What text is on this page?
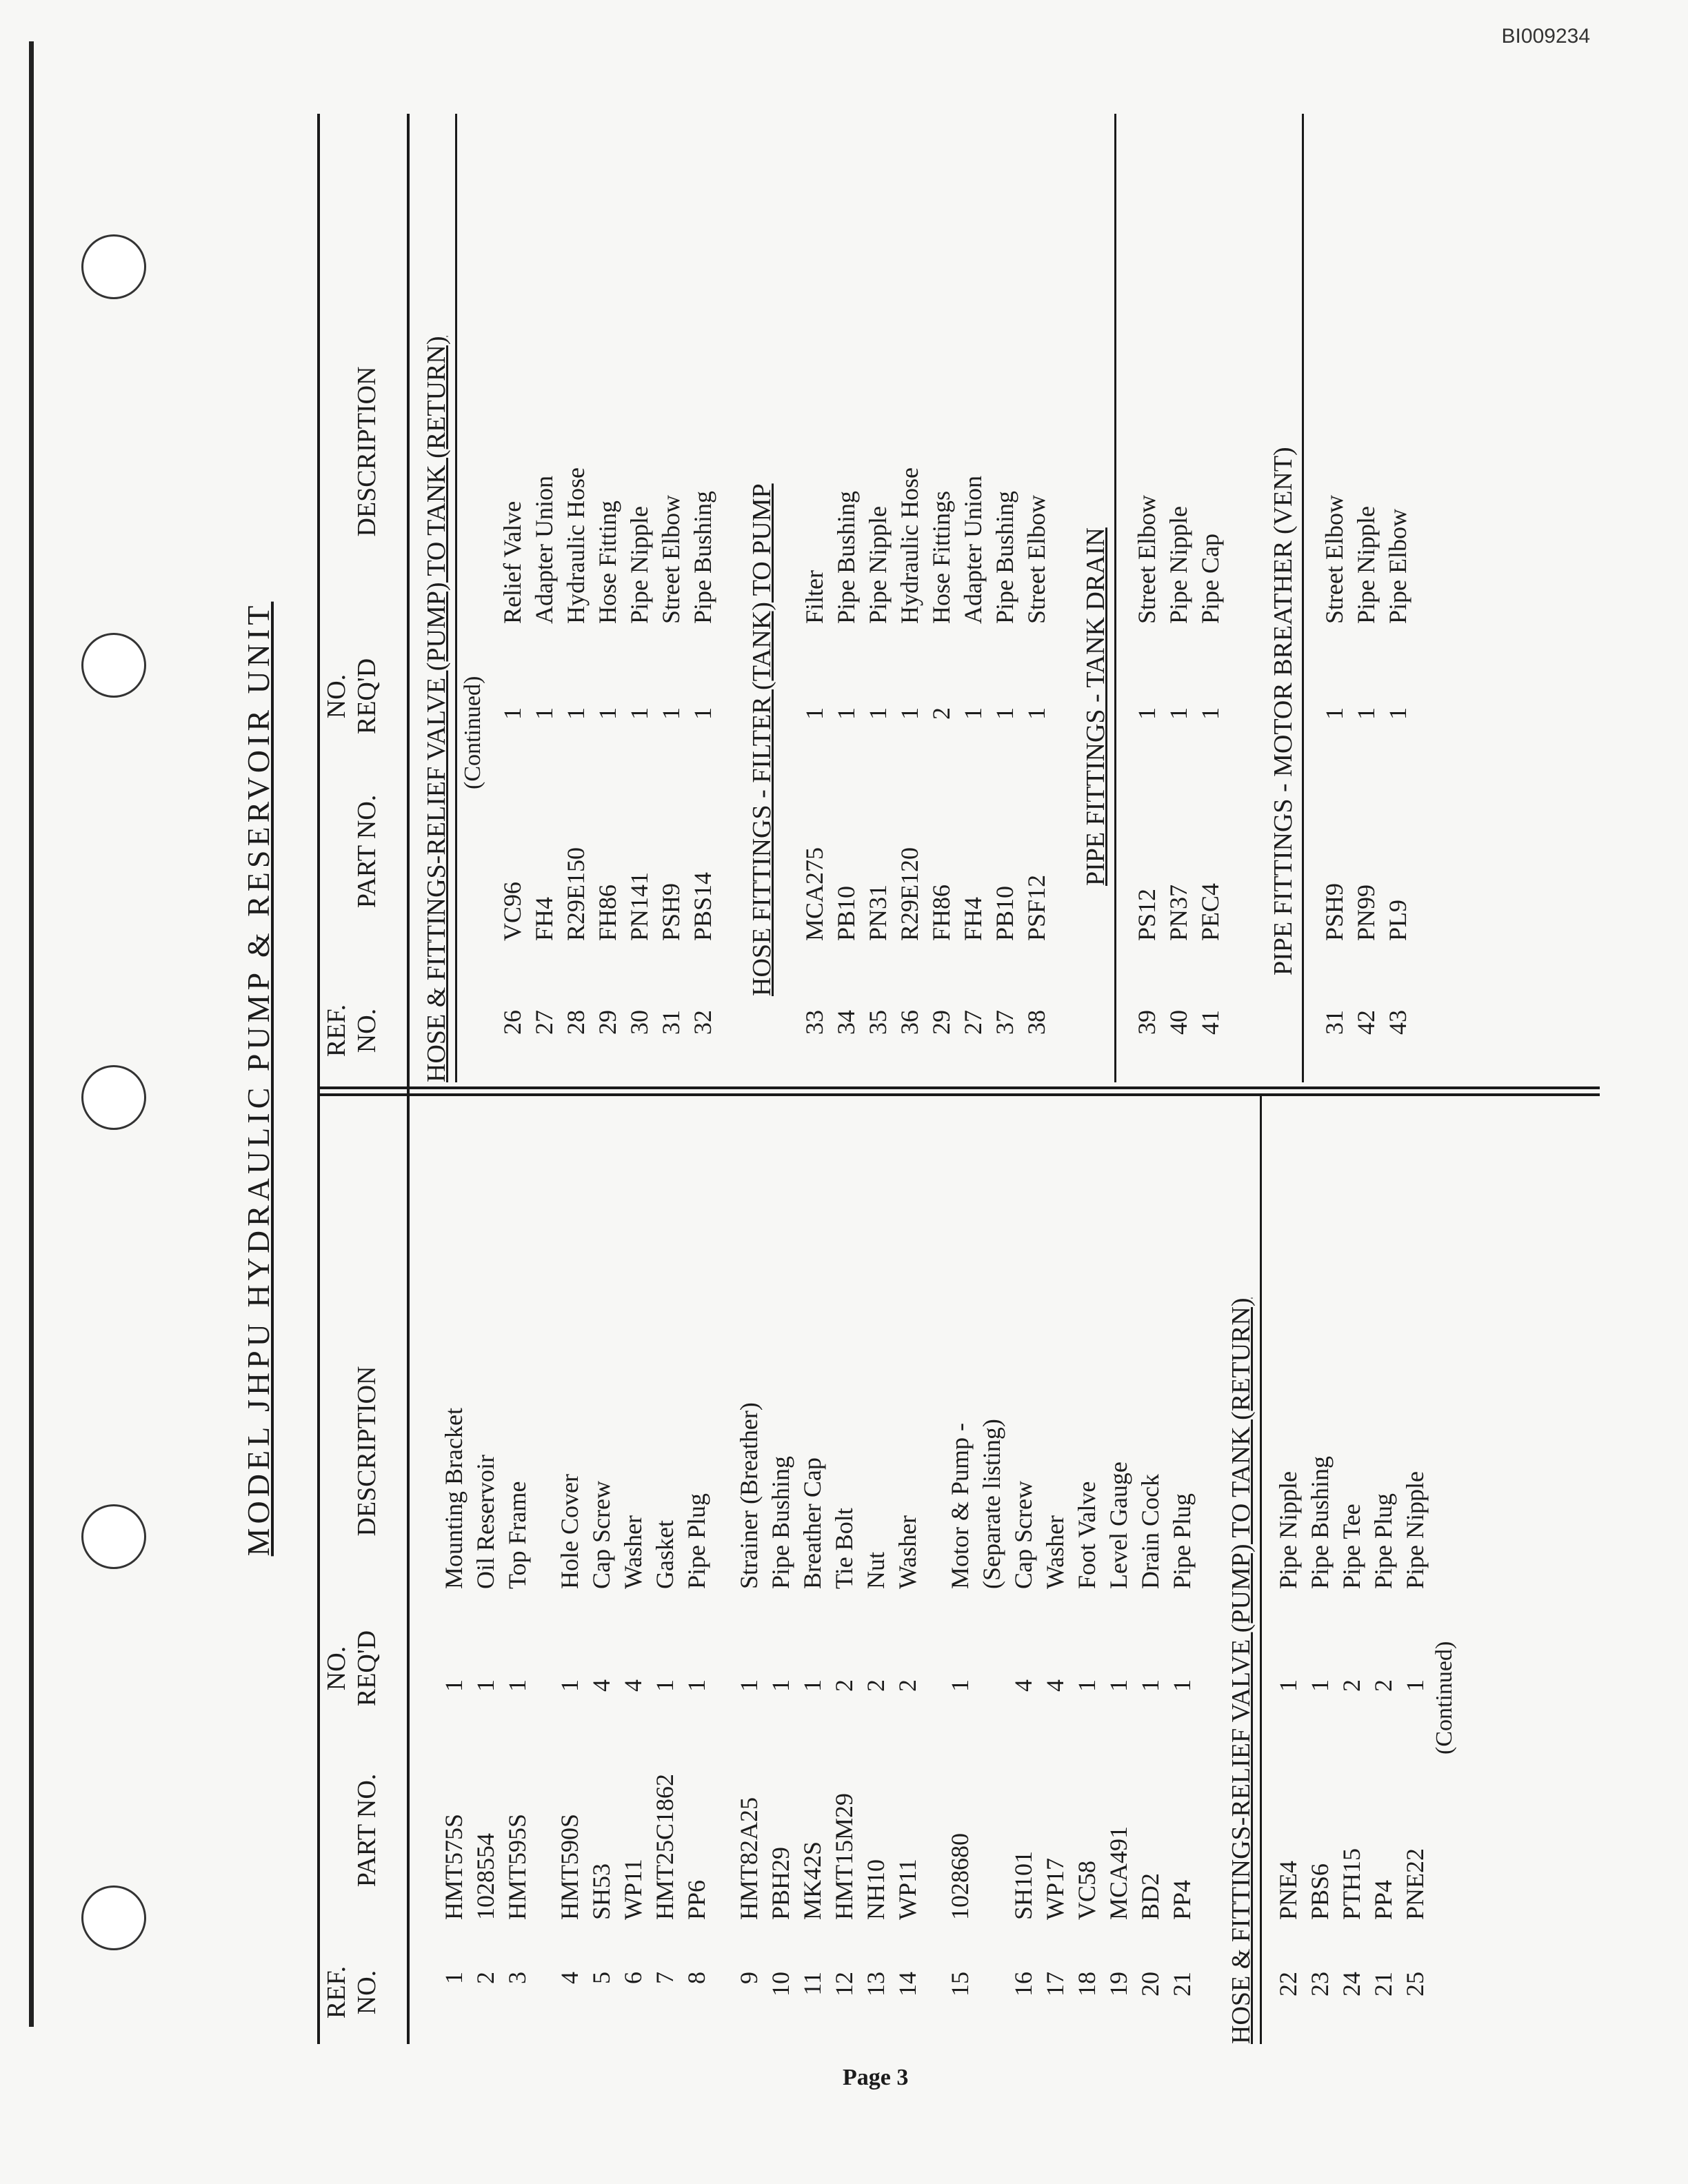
BI009234
MODEL JHPU HYDRAULIC PUMP & RESERVOIR UNIT
REF. NO.
PART NO.
NO. REQ'D
DESCRIPTION
REF. NO.
PART NO.
NO. REQ'D
DESCRIPTION
1
HMT575S
1
Mounting Bracket
2
1028554
1
Oil Reservoir
3
HMT595S
1
Top Frame
4
HMT590S
1
Hole Cover
5
SH53
4
Cap Screw
6
WP11
4
Washer
7
HMT25C1862
1
Gasket
8
PP6
1
Pipe Plug
9
HMT82A25
1
Strainer (Breather)
10
PBH29
1
Pipe Bushing
11
MK42S
1
Breather Cap
12
HMT15M29
2
Tie Bolt
13
NH10
2
Nut
14
WP11
2
Washer
15
1028680
1
Motor & Pump - (Separate listing)
16
SH101
4
Cap Screw
17
WP17
4
Washer
18
VC58
1
Foot Valve
19
MCA491
1
Level Gauge
20
BD2
1
Drain Cock
21
PP4
1
Pipe Plug HOSE & FITTINGS-RELIEF VALVE (PUMP) TO TANK (RETURN) 22
PNE4
1
Pipe Nipple
23
PBS6
1
Pipe Bushing
24
PTH15
2
Pipe Tee
21
PP4
2
Pipe Plug
25
PNE22
1
Pipe Nipple
(Continued)
HOSE & FITTINGS-RELIEF VALVE (PUMP) TO TANK (RETURN) (Continued)
26
VC96
1
Relief Valve
27
FH4
1
Adapter Union
28
R29E150
1
Hydraulic Hose
29
FH86
1
Hose Fitting
30
PN141
1
Pipe Nipple
31
PSH9
1
Street Elbow
32
PBS14
1
Pipe Bushing HOSE FITTINGS - FILTER (TANK) TO PUMP
33
MCA275
1
Filter
34
PB10
1
Pipe Bushing
35
PN31
1
Pipe Nipple
36
R29E120
1
Hydraulic Hose
29
FH86
2
Hose Fittings
27
FH4
1
Adapter Union
37
PB10
1
Pipe Bushing
38
PSF12
1
Street Elbow PIPE FITTINGS - TANK DRAIN
39
PS12
1
Street Elbow
40
PN37
1
Pipe Nipple
41
PEC4
1
Pipe Cap PIPE FITTINGS - MOTOR BREATHER (VENT)
31
PSH9
1
Street Elbow
42
PN99
1
Pipe Nipple
43
PL9
1
Pipe Elbow
Page 3
